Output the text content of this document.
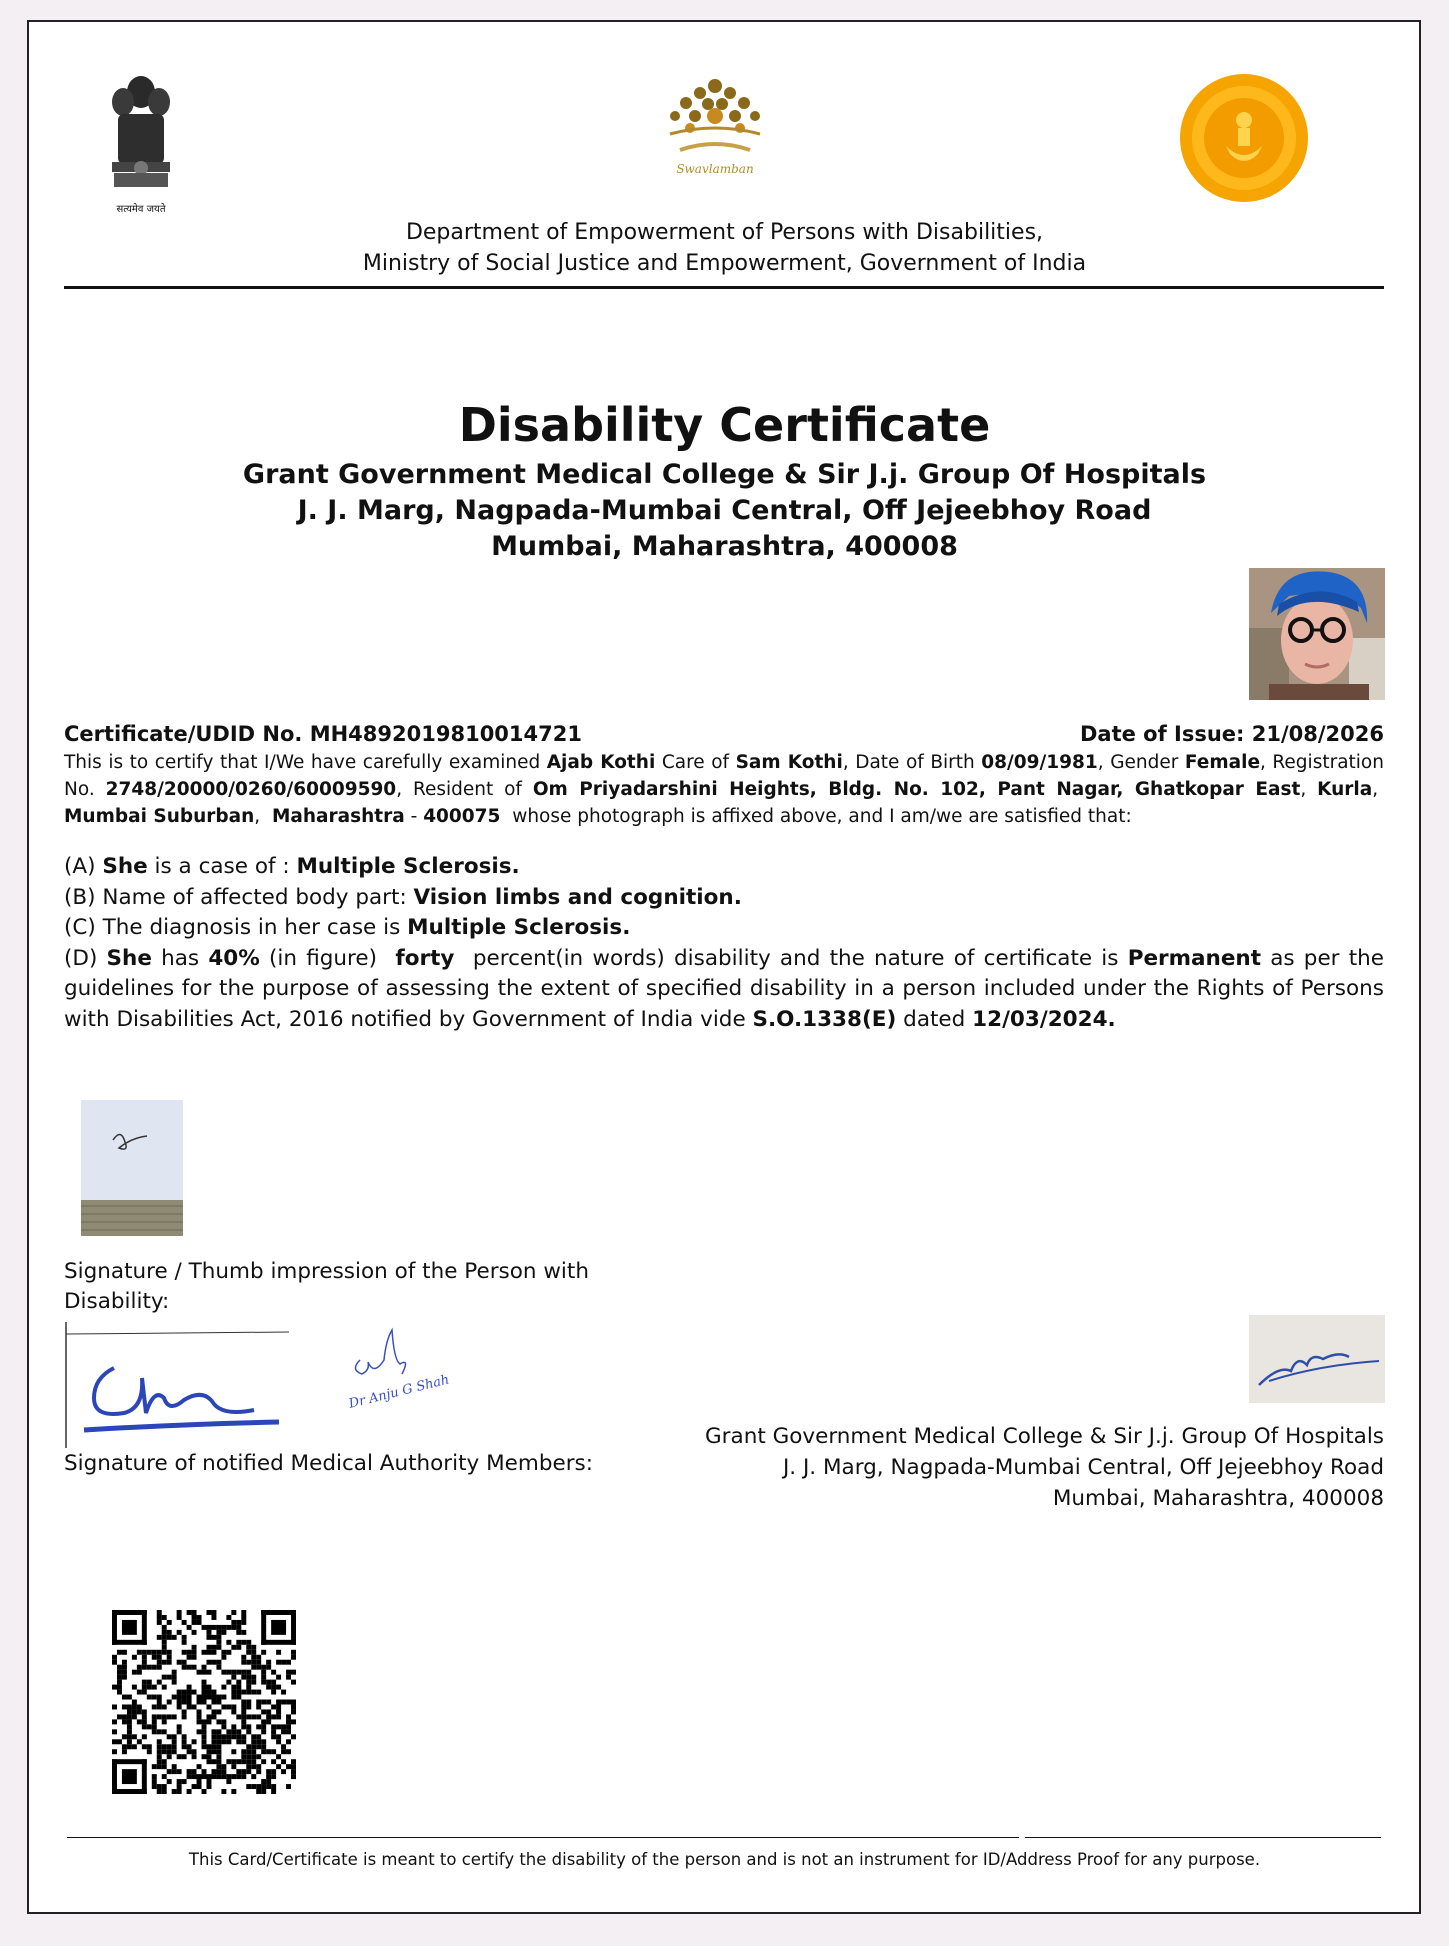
सत्यमेव जयते
Swavlamban
Department of Empowerment of Persons with Disabilities,
Ministry of Social Justice and Empowerment, Government of India
Disability Certificate
Grant Government Medical College & Sir J.j. Group Of Hospitals
J. J. Marg, Nagpada-Mumbai Central, Off Jejeebhoy Road
Mumbai, Maharashtra, 400008
Certificate/UDID No. MH4892019810014721	Date of Issue: 21/08/2026
This is to certify that I/We have carefully examined Ajab Kothi Care of Sam Kothi, Date of Birth 08/09/1981, Gender Female, Registration No. 2748/20000/0260/60009590, Resident of Om Priyadarshini Heights, Bldg. No. 102, Pant Nagar, Ghatkopar East, Kurla,  Mumbai Suburban,  Maharashtra - 400075 whose photograph is affixed above, and I am/we are satisfied that:

(A) She is a case of : Multiple Sclerosis.

(B) Name of affected body part: Vision limbs and cognition.

(C) The diagnosis in her case is Multiple Sclerosis.

(D) She has 40% (in figure) forty percent(in words) disability and the nature of certificate is Permanent as per the guidelines for the purpose of assessing the extent of specified disability in a person included under the Rights of Persons with Disabilities Act, 2016 notified by Government of India vide S.O.1338(E) dated 12/03/2024.

Signature / Thumb impression of the Person with Disability:
Dr Anju G Shah
Signature of notified Medical Authority Members:
Grant Government Medical College & Sir J.j. Group Of Hospitals
J. J. Marg, Nagpada-Mumbai Central, Off Jejeebhoy Road
Mumbai, Maharashtra, 400008
This Card/Certificate is meant to certify the disability of the person and is not an instrument for ID/Address Proof for any purpose.
